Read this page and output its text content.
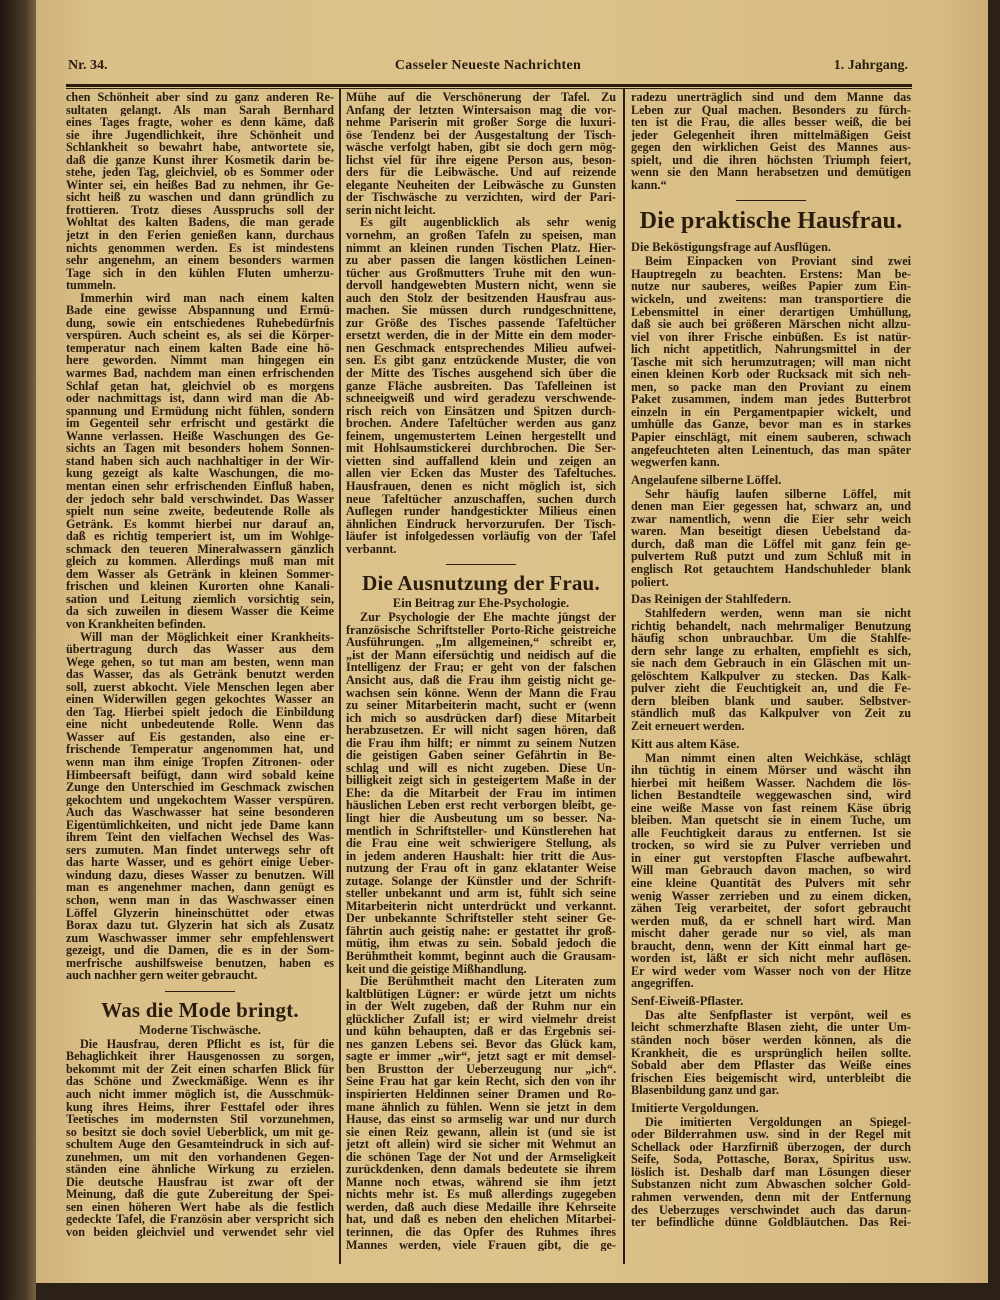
Nr. 34.	Casseler Neueste Nachrichten	1. Jahrgang.
chen Schönheit aber sind zu ganz anderen Re-
sultaten gelangt. Als man Sarah Bernhard
eines Tages fragte, woher es denn käme, daß
sie ihre Jugendlichkeit, ihre Schönheit und
Schlankheit so bewahrt habe, antwortete sie,
daß die ganze Kunst ihrer Kosmetik darin be-
stehe, jeden Tag, gleichviel, ob es Sommer oder
Winter sei, ein heißes Bad zu nehmen, ihr Ge-
sicht heiß zu waschen und dann gründlich zu
frottieren. Trotz dieses Ausspruchs soll der
Wohltat des kalten Badens, die man gerade
jetzt in den Ferien genießen kann, durchaus
nichts genommen werden. Es ist mindestens
sehr angenehm, an einem besonders warmen
Tage sich in den kühlen Fluten umherzu-
tummeln.
Immerhin wird man nach einem kalten
Bade eine gewisse Abspannung und Ermü-
dung, sowie ein entschiedenes Ruhebedürfnis
verspüren. Auch scheint es, als sei die Körper-
temperatur nach einem kalten Bade eine hö-
here geworden. Nimmt man hingegen ein
warmes Bad, nachdem man einen erfrischenden
Schlaf getan hat, gleichviel ob es morgens
oder nachmittags ist, dann wird man die Ab-
spannung und Ermüdung nicht fühlen, sondern
im Gegenteil sehr erfrischt und gestärkt die
Wanne verlassen. Heiße Waschungen des Ge-
sichts an Tagen mit besonders hohem Sonnen-
stand haben sich auch nachhaltiger in der Wir-
kung gezeigt als kalte Waschungen, die mo-
mentan einen sehr erfrischenden Einfluß haben,
der jedoch sehr bald verschwindet. Das Wasser
spielt nun seine zweite, bedeutende Rolle als
Getränk. Es kommt hierbei nur darauf an,
daß es richtig temperiert ist, um im Wohlge-
schmack den teueren Mineralwassern gänzlich
gleich zu kommen. Allerdings muß man mit
dem Wasser als Getränk in kleinen Sommer-
frischen und kleinen Kurorten ohne Kanali-
sation und Leitung ziemlich vorsichtig sein,
da sich zuweilen in diesem Wasser die Keime
von Krankheiten befinden.
Will man der Möglichkeit einer Krankheits-
übertragung durch das Wasser aus dem
Wege gehen, so tut man am besten, wenn man
das Wasser, das als Getränk benutzt werden
soll, zuerst abkocht. Viele Menschen legen aber
einen Widerwillen gegen gekochtes Wasser an
den Tag. Hierbei spielt jedoch die Einbildung
eine nicht unbedeutende Rolle. Wenn das
Wasser auf Eis gestanden, also eine er-
frischende Temperatur angenommen hat, und
wenn man ihm einige Tropfen Zitronen- oder
Himbeersaft beifügt, dann wird sobald keine
Zunge den Unterschied im Geschmack zwischen
gekochtem und ungekochtem Wasser verspüren.
Auch das Waschwasser hat seine besonderen
Eigentümlichkeiten, und nicht jede Dame kann
ihrem Teint den vielfachen Wechsel des Was-
sers zumuten. Man findet unterwegs sehr oft
das harte Wasser, und es gehört einige Ueber-
windung dazu, dieses Wasser zu benutzen. Will
man es angenehmer machen, dann genügt es
schon, wenn man in das Waschwasser einen
Löffel Glyzerin hineinschüttet oder etwas
Borax dazu tut. Glyzerin hat sich als Zusatz
zum Waschwasser immer sehr empfehlenswert
gezeigt, und die Damen, die es in der Som-
merfrische aushilfsweise benutzen, haben es
auch nachher gern weiter gebraucht.
Was die Mode bringt.
Moderne Tischwäsche.
Die Hausfrau, deren Pflicht es ist, für die
Behaglichkeit ihrer Hausgenossen zu sorgen,
bekommt mit der Zeit einen scharfen Blick für
das Schöne und Zweckmäßige. Wenn es ihr
auch nicht immer möglich ist, die Ausschmük-
kung ihres Heims, ihrer Festtafel oder ihres
Teetisches im modernsten Stil vorzunehmen,
so besitzt sie doch soviel Ueberblick, um mit ge-
schultem Auge den Gesamteindruck in sich auf-
zunehmen, um mit den vorhandenen Gegen-
ständen eine ähnliche Wirkung zu erzielen.
Die deutsche Hausfrau ist zwar oft der
Meinung, daß die gute Zubereitung der Spei-
sen einen höheren Wert habe als die festlich
gedeckte Tafel, die Französin aber verspricht sich
von beiden gleichviel und verwendet sehr viel
Mühe auf die Verschönerung der Tafel. Zu
Anfang der letzten Wintersaison mag die vor-
nehme Pariserin mit großer Sorge die luxuri-
öse Tendenz bei der Ausgestaltung der Tisch-
wäsche verfolgt haben, gibt sie doch gern mög-
lichst viel für ihre eigene Person aus, beson-
ders für die Leibwäsche. Und auf reizende
elegante Neuheiten der Leibwäsche zu Gunsten
der Tischwäsche zu verzichten, wird der Pari-
serin nicht leicht.
Es gilt augenblicklich als sehr wenig
vornehm, an großen Tafeln zu speisen, man
nimmt an kleinen runden Tischen Platz. Hier-
zu aber passen die langen köstlichen Leinen-
tücher aus Großmutters Truhe mit den wun-
dervoll handgewebten Mustern nicht, wenn sie
auch den Stolz der besitzenden Hausfrau aus-
machen. Sie müssen durch rundgeschnittene,
zur Größe des Tisches passende Tafeltücher
ersetzt werden, die in der Mitte ein dem moder-
nen Geschmack entsprechendes Milieu aufwei-
sen. Es gibt ganz entzückende Muster, die von
der Mitte des Tisches ausgehend sich über die
ganze Fläche ausbreiten. Das Tafelleinen ist
schneeigweiß und wird geradezu verschwende-
risch reich von Einsätzen und Spitzen durch-
brochen. Andere Tafeltücher werden aus ganz
feinem, ungemustertem Leinen hergestellt und
mit Hohlsaumstickerei durchbrochen. Die Ser-
vietten sind auffallend klein und zeigen an
allen vier Ecken das Muster des Tafeltuches.
Hausfrauen, denen es nicht möglich ist, sich
neue Tafeltücher anzuschaffen, suchen durch
Auflegen runder handgestickter Milieus einen
ähnlichen Eindruck hervorzurufen. Der Tisch-
läufer ist infolgedessen vorläufig von der Tafel
verbannt.
Die Ausnutzung der Frau.
Ein Beitrag zur Ehe-Psychologie.
Zur Psychologie der Ehe machte jüngst der
französische Schriftsteller Porto-Riche geistreiche
Ausführungen. „Im allgemeinen,“ schreibt er,
„ist der Mann eifersüchtig und neidisch auf die
Intelligenz der Frau; er geht von der falschen
Ansicht aus, daß die Frau ihm geistig nicht ge-
wachsen sein könne. Wenn der Mann die Frau
zu seiner Mitarbeiterin macht, sucht er (wenn
ich mich so ausdrücken darf) diese Mitarbeit
herabzusetzen. Er will nicht sagen hören, daß
die Frau ihm hilft; er nimmt zu seinem Nutzen
die geistigen Gaben seiner Gefährtin in Be-
schlag und will es nicht zugeben. Diese Un-
billigkeit zeigt sich in gesteigertem Maße in der
Ehe: da die Mitarbeit der Frau im intimen
häuslichen Leben erst recht verborgen bleibt, ge-
lingt hier die Ausbeutung um so besser. Na-
mentlich in Schriftsteller- und Künstlerehen hat
die Frau eine weit schwierigere Stellung, als
in jedem anderen Haushalt: hier tritt die Aus-
nutzung der Frau oft in ganz eklatanter Weise
zutage. Solange der Künstler und der Schrift-
steller unbekannt und arm ist, fühlt sich seine
Mitarbeiterin nicht unterdrückt und verkannt.
Der unbekannte Schriftsteller steht seiner Ge-
fährtin auch geistig nahe: er gestattet ihr groß-
mütig, ihm etwas zu sein. Sobald jedoch die
Berühmtheit kommt, beginnt auch die Grausam-
keit und die geistige Mißhandlung.
Die Berühmtheit macht den Literaten zum
kaltblütigen Lügner: er würde jetzt um nichts
in der Welt zugeben, daß der Ruhm nur ein
glücklicher Zufall ist; er wird vielmehr dreist
und kühn behaupten, daß er das Ergebnis sei-
nes ganzen Lebens sei. Bevor das Glück kam,
sagte er immer „wir“, jetzt sagt er mit demsel-
ben Brustton der Ueberzeugung nur „ich“.
Seine Frau hat gar kein Recht, sich den von ihr
inspirierten Heldinnen seiner Dramen und Ro-
mane ähnlich zu fühlen. Wenn sie jetzt in dem
Hause, das einst so armselig war und nur durch
sie einen Reiz gewann, allein ist (und sie ist
jetzt oft allein) wird sie sicher mit Wehmut an
die schönen Tage der Not und der Armseligkeit
zurückdenken, denn damals bedeutete sie ihrem
Manne noch etwas, während sie ihm jetzt
nichts mehr ist. Es muß allerdings zugegeben
werden, daß auch diese Medaille ihre Kehrseite
hat, und daß es neben den ehelichen Mitarbei-
terinnen, die das Opfer des Ruhmes ihres
Mannes werden, viele Frauen gibt, die ge-
radezu unerträglich sind und dem Manne das
Leben zur Qual machen. Besonders zu fürch-
ten ist die Frau, die alles besser weiß, die bei
jeder Gelegenheit ihren mittelmäßigen Geist
gegen den wirklichen Geist des Mannes aus-
spielt, und die ihren höchsten Triumph feiert,
wenn sie den Mann herabsetzen und demütigen
kann.“
Die praktische Hausfrau.
Die Beköstigungsfrage auf Ausflügen.
Beim Einpacken von Proviant sind zwei
Hauptregeln zu beachten. Erstens: Man be-
nutze nur sauberes, weißes Papier zum Ein-
wickeln, und zweitens: man transportiere die
Lebensmittel in einer derartigen Umhüllung,
daß sie auch bei größeren Märschen nicht allzu-
viel von ihrer Frische einbüßen. Es ist natür-
lich nicht appetitlich, Nahrungsmittel in der
Tasche mit sich herumzutragen; will man nicht
einen kleinen Korb oder Rucksack mit sich neh-
men, so packe man den Proviant zu einem
Paket zusammen, indem man jedes Butterbrot
einzeln in ein Pergamentpapier wickelt, und
umhülle das Ganze, bevor man es in starkes
Papier einschlägt, mit einem sauberen, schwach
angefeuchteten alten Leinentuch, das man später
wegwerfen kann.
Angelaufene silberne Löffel.
Sehr häufig laufen silberne Löffel, mit
denen man Eier gegessen hat, schwarz an, und
zwar namentlich, wenn die Eier sehr weich
waren. Man beseitigt diesen Uebelstand da-
durch, daß man die Löffel mit ganz fein ge-
pulvertem Ruß putzt und zum Schluß mit in
englisch Rot getauchtem Handschuhleder blank
poliert.
Das Reinigen der Stahlfedern.
Stahlfedern werden, wenn man sie nicht
richtig behandelt, nach mehrmaliger Benutzung
häufig schon unbrauchbar. Um die Stahlfe-
dern sehr lange zu erhalten, empfiehlt es sich,
sie nach dem Gebrauch in ein Gläschen mit un-
gelöschtem Kalkpulver zu stecken. Das Kalk-
pulver zieht die Feuchtigkeit an, und die Fe-
dern bleiben blank und sauber. Selbstver-
ständlich muß das Kalkpulver von Zeit zu
Zeit erneuert werden.
Kitt aus altem Käse.
Man nimmt einen alten Weichkäse, schlägt
ihn tüchtig in einem Mörser und wäscht ihn
hierbei mit heißem Wasser. Nachdem die lös-
lichen Bestandteile weggewaschen sind, wird
eine weiße Masse von fast reinem Käse übrig
bleiben. Man quetscht sie in einem Tuche, um
alle Feuchtigkeit daraus zu entfernen. Ist sie
trocken, so wird sie zu Pulver verrieben und
in einer gut verstopften Flasche aufbewahrt.
Will man Gebrauch davon machen, so wird
eine kleine Quantität des Pulvers mit sehr
wenig Wasser zerrieben und zu einem dicken,
zähen Teig verarbeitet, der sofort gebraucht
werden muß, da er schnell hart wird. Man
mischt daher gerade nur so viel, als man
braucht, denn, wenn der Kitt einmal hart ge-
worden ist, läßt er sich nicht mehr auflösen.
Er wird weder vom Wasser noch von der Hitze
angegriffen.
Senf-Eiweiß-Pflaster.
Das alte Senfpflaster ist verpönt, weil es
leicht schmerzhafte Blasen zieht, die unter Um-
ständen noch böser werden können, als die
Krankheit, die es ursprünglich heilen sollte.
Sobald aber dem Pflaster das Weiße eines
frischen Eies beigemischt wird, unterbleibt die
Blasenbildung ganz und gar.
Imitierte Vergoldungen.
Die imitierten Vergoldungen an Spiegel-
oder Bilderrahmen usw. sind in der Regel mit
Schellack oder Harzfirniß überzogen, der durch
Seife, Soda, Pottasche, Borax, Spiritus usw.
löslich ist. Deshalb darf man Lösungen dieser
Substanzen nicht zum Abwaschen solcher Gold-
rahmen verwenden, denn mit der Entfernung
des Ueberzuges verschwindet auch das darun-
ter befindliche dünne Goldbläutchen. Das Rei-
